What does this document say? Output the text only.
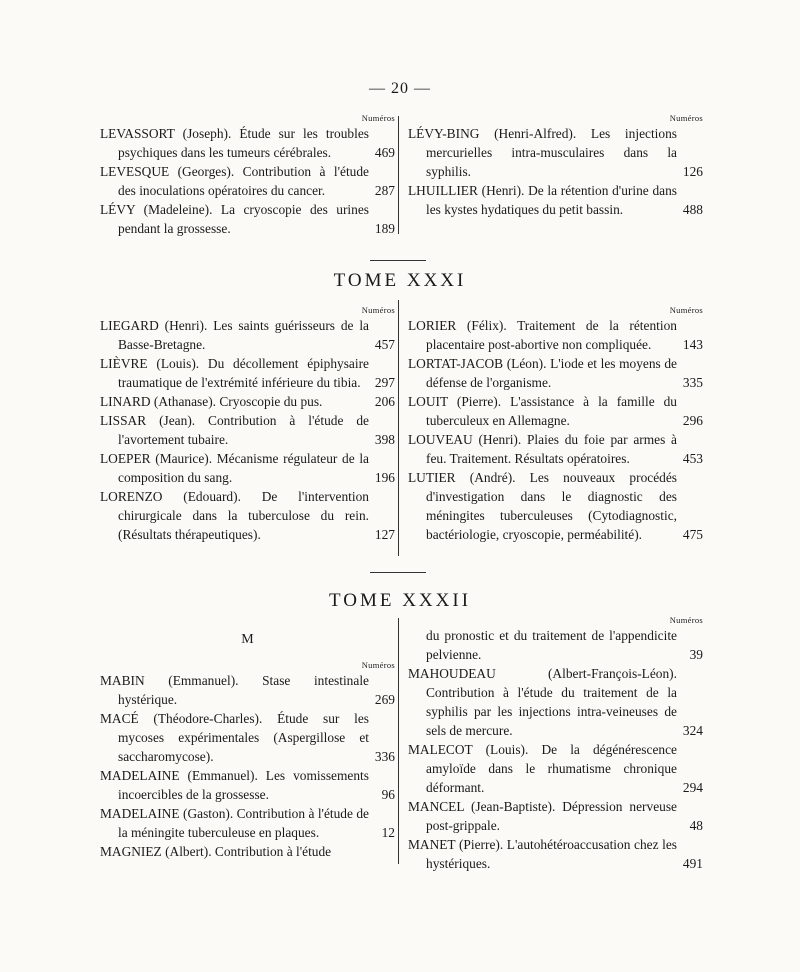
— 20 —
Numéros
LEVASSORT (Joseph). Étude sur les troubles psychiques dans les tumeurs cérébrales.	469
LEVESQUE (Georges). Contribution à l'étude des inoculations opératoires du cancer.	287
LÉVY (Madeleine). La cryoscopie des urines pendant la grossesse.	189
Numéros
LÉVY-BING (Henri-Alfred). Les injections mercurielles intra-musculaires dans la syphilis.	126
LHUILLIER (Henri). De la rétention d'urine dans les kystes hydatiques du petit bassin.	488
TOME XXXI
Numéros
LIEGARD (Henri). Les saints guérisseurs de la Basse-Bretagne.	457
LIÈVRE (Louis). Du décollement épiphysaire traumatique de l'extrémité inférieure du tibia. 297
LINARD (Athanase). Cryoscopie du pus.	206
LISSAR (Jean). Contribution à l'étude de l'avortement tubaire.	398
LOEPER (Maurice). Mécanisme régulateur de la composition du sang.	196
LORENZO (Edouard). De l'intervention chirurgicale dans la tuberculose du rein. (Résultats thérapeutiques).	127
Numéros
LORIER (Félix). Traitement de la rétention placentaire post-abortive non compliquée. 143
LORTAT-JACOB (Léon). L'iode et les moyens de défense de l'organisme.	335
LOUIT (Pierre). L'assistance à la famille du tuberculeux en Allemagne.	296
LOUVEAU (Henri). Plaies du foie par armes à feu. Traitement. Résultats opératoires.	453
LUTIER (André). Les nouveaux procédés d'investigation dans le diagnostic des méningites tuberculeuses (Cytodiagnostic, bactériologie, cryoscopie, perméabilité).	475
TOME XXXII
M
Numéros
MABIN (Emmanuel). Stase intestinale hystérique.	269
MACÉ (Théodore-Charles). Étude sur les mycoses expérimentales (Aspergillose et saccharomycose).	336
MADELAINE (Emmanuel). Les vomissements incoercibles de la grossesse.	96
MADELAINE (Gaston). Contribution à l'étude de la méningite tuberculeuse en plaques.	12
MAGNIEZ (Albert). Contribution à l'étude
Numéros
du pronostic et du traitement de l'appendicite pelvienne.	39
MAHOUDEAU (Albert-François-Léon). Contribution à l'étude du traitement de la syphilis par les injections intra-veineuses de sels de mercure.	324
MALECOT (Louis). De la dégénérescence amyloïde dans le rhumatisme chronique déformant.	294
MANCEL (Jean-Baptiste). Dépression nerveuse post-grippale.	48
MANET (Pierre). L'autohétéroaccusation chez les hystériques.	491
